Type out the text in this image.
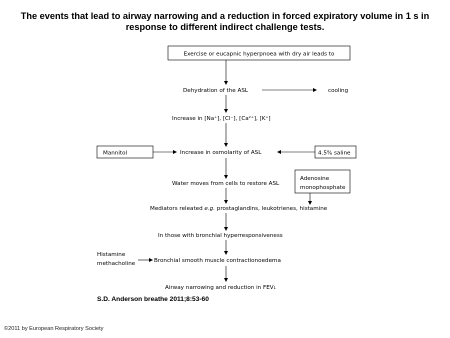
The events that lead to airway narrowing and a reduction in forced expiratory volume in 1 s in
response to different indirect challenge tests.
Exercise or eucapnic hyperpnoea with dry air leads to
Dehydration of the ASL	cooling
Increase in [Na⁺], [Cl⁻], [Ca²⁺], [K⁺]
Mannitol	Increase in osmolarity of ASL	4.5% saline
Water moves from cells to restore ASL
Adenosine
monophosphate
Mediators releated e.g. prostaglandins, leukotrienes, histamine
In those with bronchial hyperresponsiveness
Histamine
methacholine	Bronchial smooth muscle contractionoedema
Airway narrowing and reduction in FEV₁
S.D. Anderson breathe 2011;8:53-60
©2011 by European Respiratory Society
